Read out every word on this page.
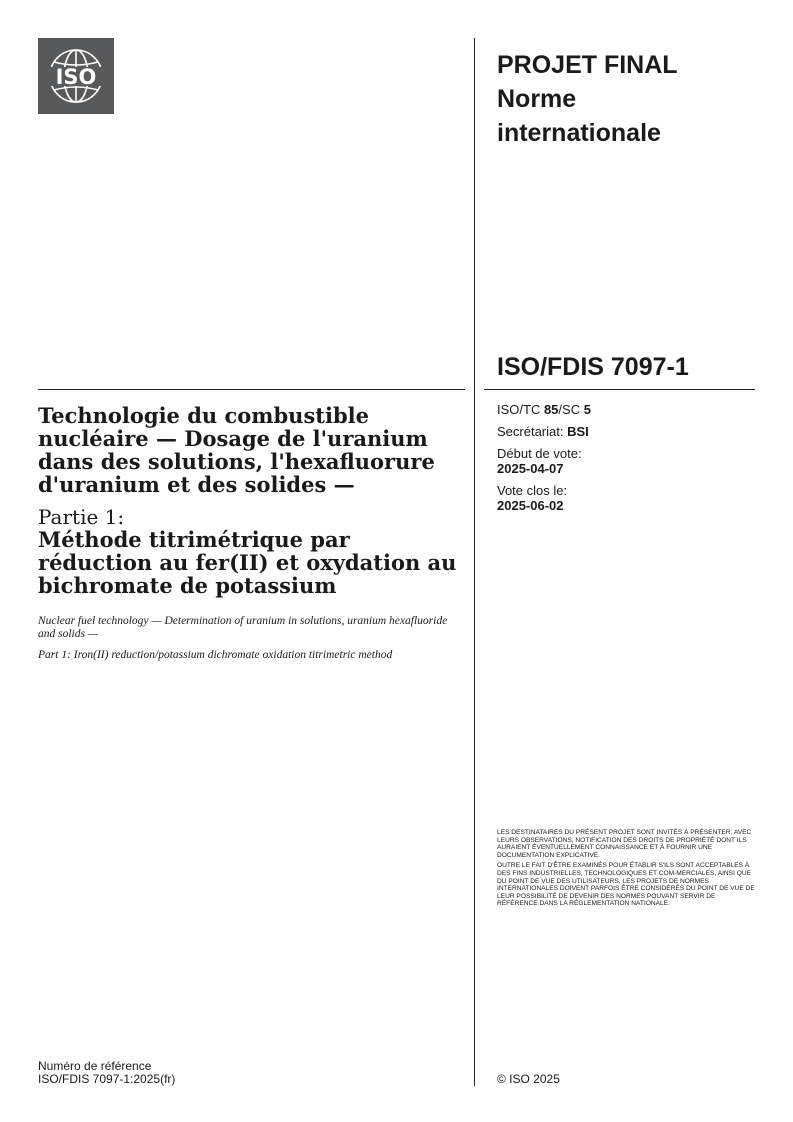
ISO	PROJET FINAL
Norme
internationale
ISO/FDIS 7097-1
Technologie du combustible nucléaire — Dosage de l'uranium dans des solutions, l'hexafluorure d'uranium et des solides —
Partie 1:
Méthode titrimétrique par réduction au fer(II) et oxydation au bichromate de potassium
Nuclear fuel technology — Determination of uranium in solutions, uranium hexafluoride and solids —
Part 1: Iron(II) reduction/potassium dichromate oxidation titrimetric method
ISO/TC 85/SC 5
Secrétariat: BSI
Début de vote:
2025-04-07
Vote clos le:
2025-06-02

LES DESTINATAIRES DU PRÉSENT PROJET SONT INVITÉS À PRÉSENTER, AVEC LEURS OBSERVATIONS, NOTIFICATION DES DROITS DE PROPRIÉTÉ DONT ILS AURAIENT ÉVENTUELLEMENT CONNAISSANCE ET À FOURNIR UNE DOCUMENTATION EXPLICATIVE.

OUTRE LE FAIT D'ÊTRE EXAMINÉS POUR ÉTABLIR S'ILS SONT ACCEPTABLES À DES FINS INDUSTRIELLES, TECHNOLOGIQUES ET COM-MERCIALES, AINSI QUE DU POINT DE VUE DES UTILISATEURS, LES PROJETS DE NORMES INTERNATIONALES DOIVENT PARFOIS ÊTRE CONSIDÉRÉS DU POINT DE VUE DE LEUR POSSIBILITÉ DE DEVENIR DES NORMES POUVANT SERVIR DE RÉFÉRENCE DANS LA RÉGLEMENTATION NATIONALE.

Numéro de référence
ISO/FDIS 7097-1:2025(fr)	© ISO 2025
